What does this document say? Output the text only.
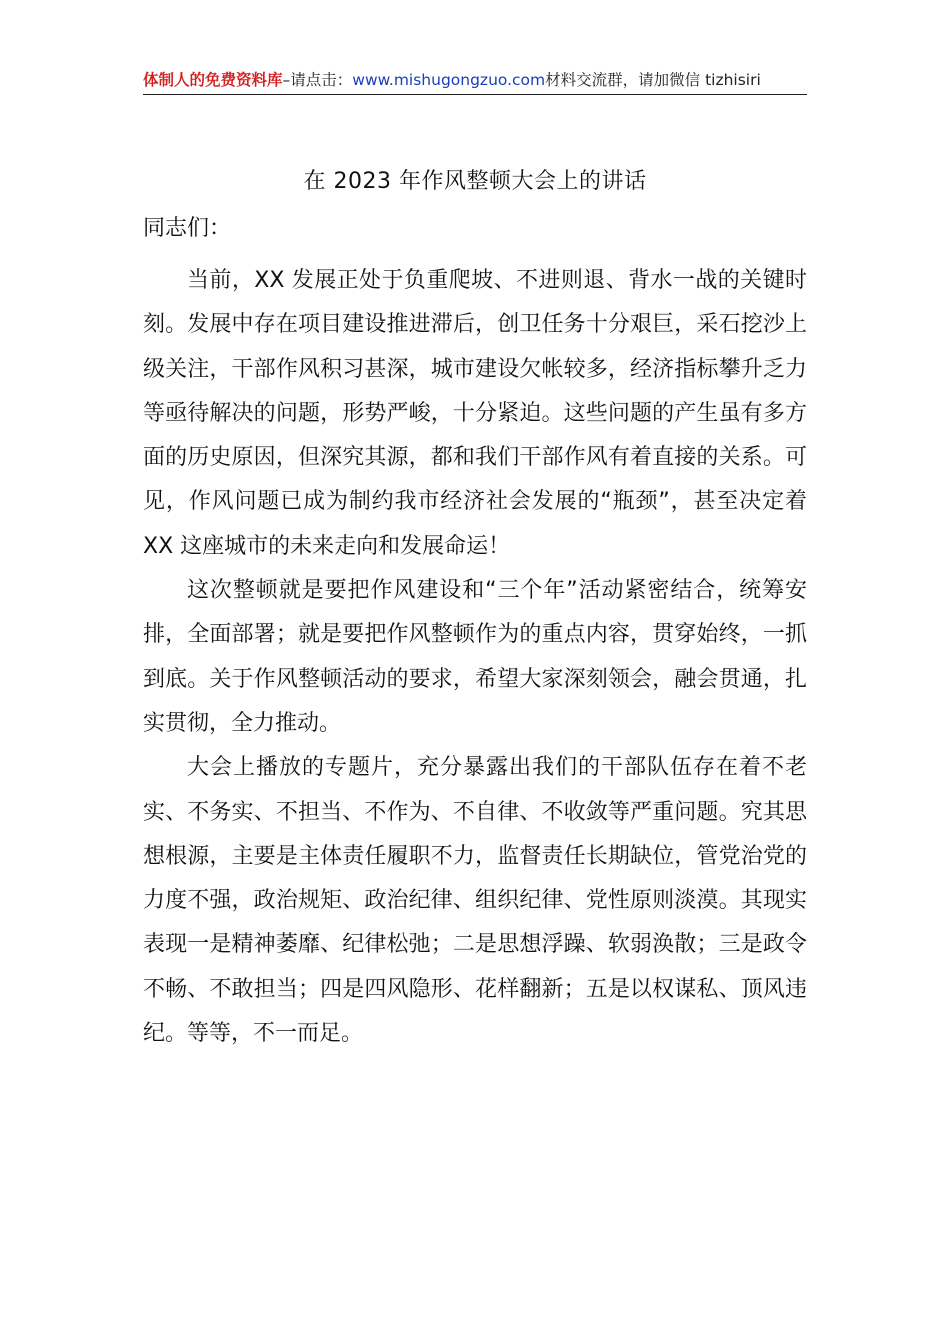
体制人的免费资料库–请点击：www.mishugongzuo.com材料交流群，请加微信 tizhisiri
在 2023 年作风整顿大会上的讲话
同志们：

当前，XX 发展正处于负重爬坡、不进则退、背水一战的关键时刻。发展中存在项目建设推进滞后，创卫任务十分艰巨，采石挖沙上级关注，干部作风积习甚深，城市建设欠帐较多，经济指标攀升乏力等亟待解决的问题，形势严峻，十分紧迫。这些问题的产生虽有多方面的历史原因，但深究其源，都和我们干部作风有着直接的关系。可见，作风问题已成为制约我市经济社会发展的“瓶颈”，甚至决定着 XX 这座城市的未来走向和发展命运！

这次整顿就是要把作风建设和“三个年”活动紧密结合，统筹安排，全面部署；就是要把作风整顿作为的重点内容，贯穿始终，一抓到底。关于作风整顿活动的要求，希望大家深刻领会，融会贯通，扎实贯彻，全力推动。

大会上播放的专题片，充分暴露出我们的干部队伍存在着不老实、不务实、不担当、不作为、不自律、不收敛等严重问题。究其思想根源，主要是主体责任履职不力，监督责任长期缺位，管党治党的力度不强，政治规矩、政治纪律、组织纪律、党性原则淡漠。其现实表现一是精神萎靡、纪律松弛；二是思想浮躁、软弱涣散；三是政令不畅、不敢担当；四是四风隐形、花样翻新；五是以权谋私、顶风违纪。等等，不一而足。
